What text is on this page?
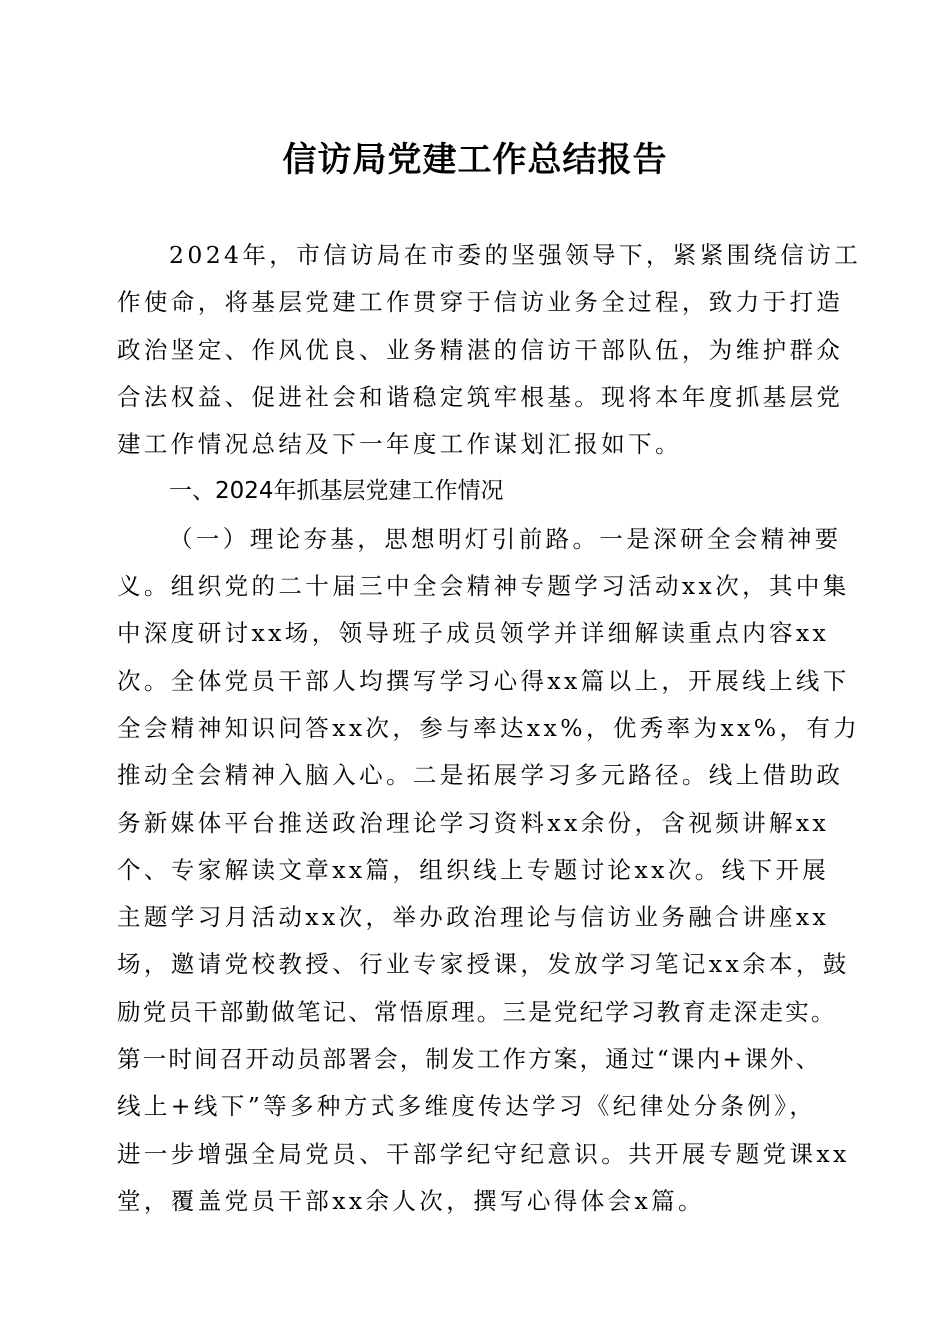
信访局党建工作总结报告
2024年，市信访局在市委的坚强领导下，紧紧围绕信访工
作使命，将基层党建工作贯穿于信访业务全过程，致力于打造
政治坚定、作风优良、业务精湛的信访干部队伍，为维护群众
合法权益、促进社会和谐稳定筑牢根基。现将本年度抓基层党
建工作情况总结及下一年度工作谋划汇报如下。
一、2024年抓基层党建工作情况
（一）理论夯基，思想明灯引前路。一是深研全会精神要
义。组织党的二十届三中全会精神专题学习活动xx次，其中集
中深度研讨xx场，领导班子成员领学并详细解读重点内容xx
次。全体党员干部人均撰写学习心得xx篇以上，开展线上线下
全会精神知识问答xx次，参与率达xx%，优秀率为xx%，有力
推动全会精神入脑入心。二是拓展学习多元路径。线上借助政
务新媒体平台推送政治理论学习资料xx余份，含视频讲解xx
个、专家解读文章xx篇，组织线上专题讨论xx次。线下开展
主题学习月活动xx次，举办政治理论与信访业务融合讲座xx
场，邀请党校教授、行业专家授课，发放学习笔记xx余本，鼓
励党员干部勤做笔记、常悟原理。三是党纪学习教育走深走实。
第一时间召开动员部署会，制发工作方案，通过“课内+课外、
线上+线下”等多种方式多维度传达学习《纪律处分条例》，
进一步增强全局党员、干部学纪守纪意识。共开展专题党课xx
堂，覆盖党员干部xx余人次，撰写心得体会x篇。
